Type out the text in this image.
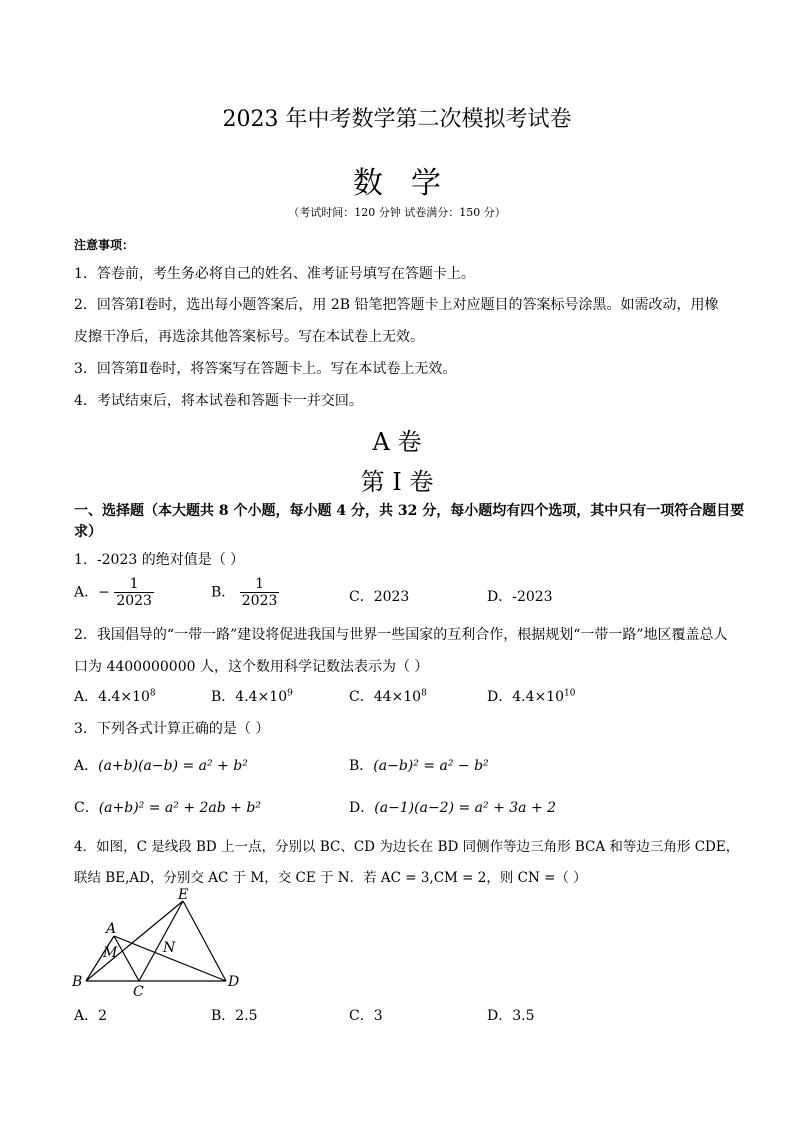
2023 年中考数学第二次模拟考试卷
数学
（考试时间：120 分钟 试卷满分：150 分）
注意事项：
1．答卷前，考生务必将自己的姓名、准考证号填写在答题卡上。
2．回答第Ⅰ卷时，选出每小题答案后，用 2B 铅笔把答题卡上对应题目的答案标号涂黑。如需改动，用橡
皮擦干净后，再选涂其他答案标号。写在本试卷上无效。
3．回答第Ⅱ卷时，将答案写在答题卡上。写在本试卷上无效。
4．考试结束后，将本试卷和答题卡一并交回。
A 卷
第 I 卷
一、选择题（本大题共 8 个小题，每小题 4 分，共 32 分，每小题均有四个选项，其中只有一项符合题目要
求）
1．-2023 的绝对值是（ ）
A．− $\frac{1}{2023}$	B． $\frac{1}{2023}$	C．2023	D．-2023
2．我国倡导的“一带一路”建设将促进我国与世界一些国家的互利合作，根据规划“一带一路”地区覆盖总人
口为 4400000000 人，这个数用科学记数法表示为（ ）
A．$4.4\times 10^8$	B．$4.4\times 10^9$	C．$44\times 10^8$	D．$4.4\times 10^{10}$
3．下列各式计算正确的是（ ）
A．(a+b)(a−b) = a² + b²	B．(a−b)² = a² − b²
C．(a+b)² = a² + 2ab + b²	D．(a−1)(a−2) = a² + 3a + 2
4．如图，C 是线段 BD 上一点，分别以 BC、CD 为边长在 BD 同侧作等边三角形 BCA 和等边三角形 CDE，
联结 BE,AD，分别交 AC 于 M，交 CE 于 N．若 AC = 3,CM = 2，则 CN =（ ）
A
B
C
D
E
M	N
A．2	B．2.5	C．3	D．3.5
